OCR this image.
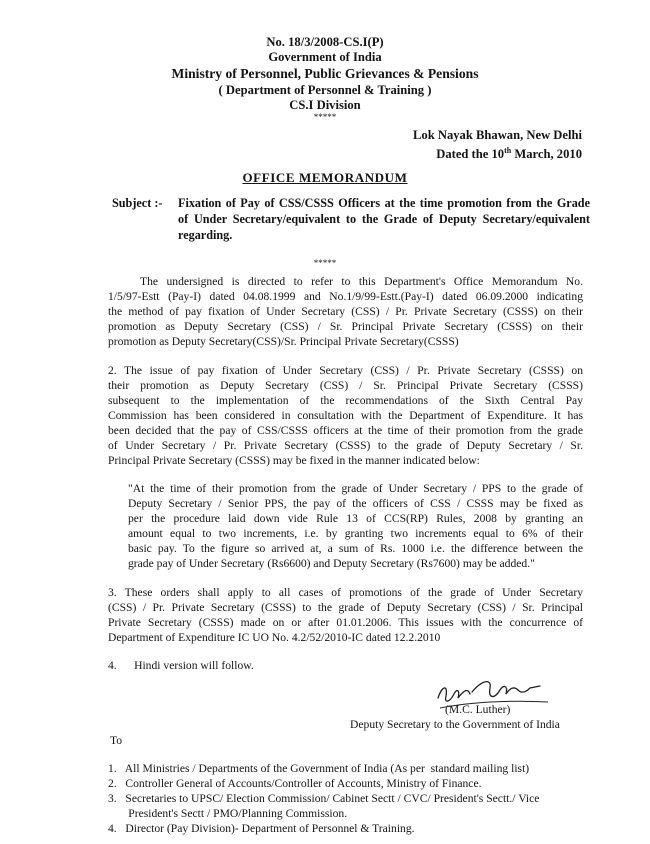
No. 18/3/2008-CS.I(P)
Government of India
Ministry of Personnel, Public Grievances & Pensions
( Department of Personnel & Training )
CS.I Division
*****
Lok Nayak Bhawan, New Delhi
Dated the 10th March, 2010
OFFICE MEMORANDUM
Subject :- Fixation of Pay of CSS/CSSS Officers at the time promotion from the Grade
of Under Secretary/equivalent to the Grade of Deputy Secretary/equivalent
regarding.
*****
The undersigned is directed to refer to this Department's Office Memorandum No.
1/5/97-Estt (Pay-I) dated 04.08.1999 and No.1/9/99-Estt.(Pay-I) dated 06.09.2000 indicating
the method of pay fixation of Under Secretary (CSS) / Pr. Private Secretary (CSSS) on their
promotion as Deputy Secretary (CSS) / Sr. Principal Private Secretary (CSSS) on their
promotion as Deputy Secretary(CSS)/Sr. Principal Private Secretary(CSSS)
2. The issue of pay fixation of Under Secretary (CSS) / Pr. Private Secretary (CSSS) on
their promotion as Deputy Secretary (CSS) / Sr. Principal Private Secretary (CSSS)
subsequent to the implementation of the recommendations of the Sixth Central Pay
Commission has been considered in consultation with the Department of Expenditure. It has
been decided that the pay of CSS/CSSS officers at the time of their promotion from the grade
of Under Secretary / Pr. Private Secretary (CSSS) to the grade of Deputy Secretary / Sr.
Principal Private Secretary (CSSS) may be fixed in the manner indicated below:
"At the time of their promotion from the grade of Under Secretary / PPS to the grade of
Deputy Secretary / Senior PPS, the pay of the officers of CSS / CSSS may be fixed as
per the procedure laid down vide Rule 13 of CCS(RP) Rules, 2008 by granting an
amount equal to two increments, i.e. by granting two increments equal to 6% of their
basic pay. To the figure so arrived at, a sum of Rs. 1000 i.e. the difference between the
grade pay of Under Secretary (Rs6600) and Deputy Secretary (Rs7600) may be added."
3. These orders shall apply to all cases of promotions of the grade of Under Secretary
(CSS) / Pr. Private Secretary (CSSS) to the grade of Deputy Secretary (CSS) / Sr. Principal
Private Secretary (CSSS) made on or after 01.01.2006. This issues with the concurrence of
Department of Expenditure IC UO No. 4.2/52/2010-IC dated 12.2.2010
4.      Hindi version will follow.
(M.C. Luther)
Deputy Secretary to the Government of India
To
1.   All Ministries / Departments of the Government of India (As per  standard mailing list)
2.   Controller General of Accounts/Controller of Accounts, Ministry of Finance.
3.   Secretaries to UPSC/ Election Commission/ Cabinet Sectt / CVC/ President's Sectt./ Vice
President's Sectt / PMO/Planning Commission.
4.   Director (Pay Division)- Department of Personnel & Training.
